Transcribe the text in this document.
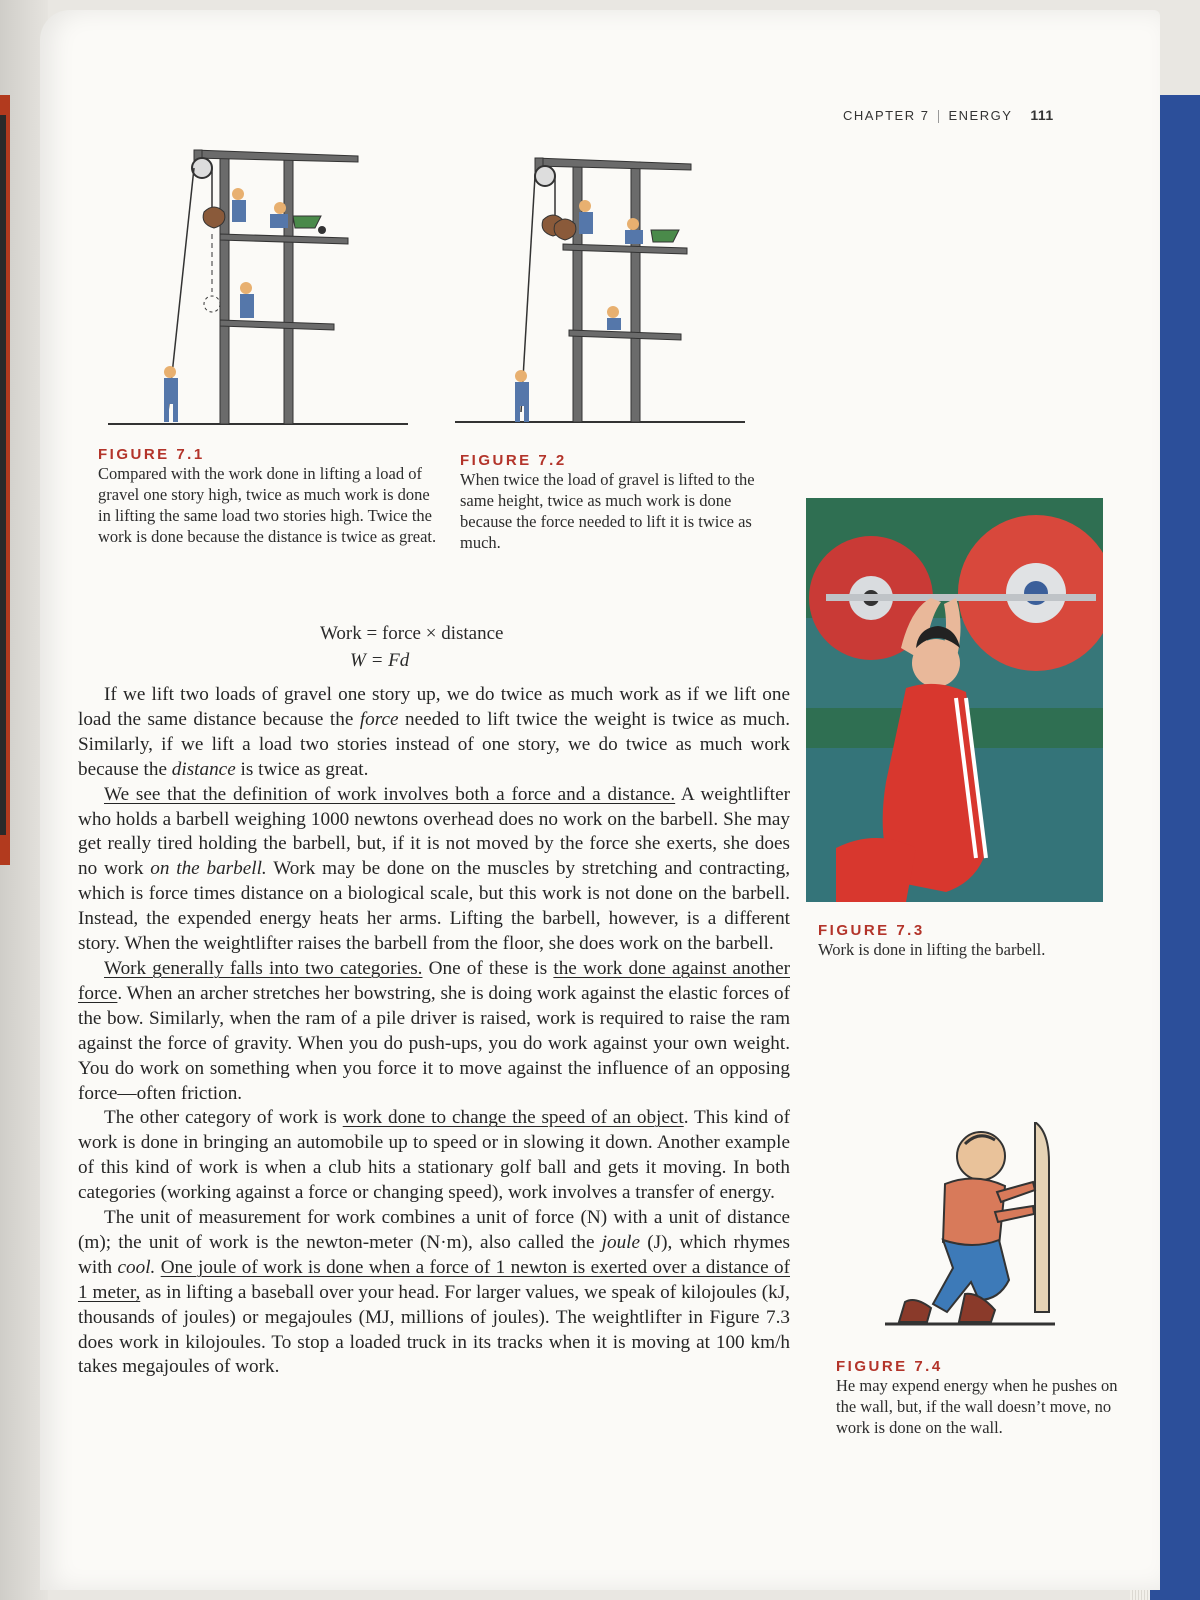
CHAPTER 7 ENERGY 111
FIGURE 7.1
Compared with the work done in lifting a load of gravel one story high, twice as much work is done in lifting the same load two stories high. Twice the work is done because the distance is twice as great.
FIGURE 7.2
When twice the load of gravel is lifted to the same height, twice as much work is done because the force needed to lift it is twice as much.
FIGURE 7.3
Work is done in lifting the barbell.
FIGURE 7.4
He may expend energy when he pushes on the wall, but, if the wall doesn’t move, no work is done on the wall.
Work = force × distance
W = Fd

If we lift two loads of gravel one story up, we do twice as much work as if we lift one load the same distance because the force needed to lift twice the weight is twice as much. Similarly, if we lift a load two stories instead of one story, we do twice as much work because the distance is twice as great.

We see that the definition of work involves both a force and a distance. A weightlifter who holds a barbell weighing 1000 newtons overhead does no work on the barbell. She may get really tired holding the barbell, but, if it is not moved by the force she exerts, she does no work on the barbell. Work may be done on the muscles by stretching and contracting, which is force times distance on a biological scale, but this work is not done on the barbell. Instead, the expended energy heats her arms. Lifting the barbell, however, is a different story. When the weightlifter raises the barbell from the floor, she does work on the barbell.

Work generally falls into two categories. One of these is the work done against another force. When an archer stretches her bowstring, she is doing work against the elastic forces of the bow. Similarly, when the ram of a pile driver is raised, work is required to raise the ram against the force of gravity. When you do push-ups, you do work against your own weight. You do work on something when you force it to move against the influence of an opposing force—often friction.

The other category of work is work done to change the speed of an object. This kind of work is done in bringing an automobile up to speed or in slowing it down. Another example of this kind of work is when a club hits a stationary golf ball and gets it moving. In both categories (working against a force or changing speed), work involves a transfer of energy.

The unit of measurement for work combines a unit of force (N) with a unit of distance (m); the unit of work is the newton-meter (N·m), also called the joule (J), which rhymes with cool. One joule of work is done when a force of 1 newton is exerted over a distance of 1 meter, as in lifting a baseball over your head. For larger values, we speak of kilojoules (kJ, thousands of joules) or megajoules (MJ, millions of joules). The weightlifter in Figure 7.3 does work in kilojoules. To stop a loaded truck in its tracks when it is moving at 100 km/h takes megajoules of work.
